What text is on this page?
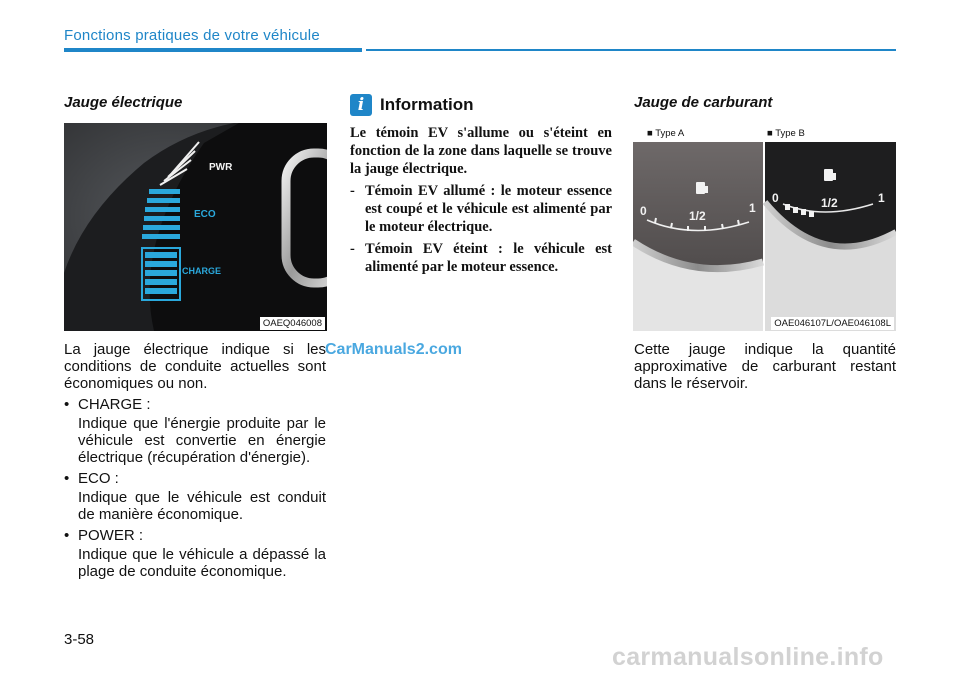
Fonctions pratiques de votre véhicule
Jauge électrique
PWR
ECO
CHARGE
OAEQ046008

La jauge électrique indique si les conditions de conduite actuelles sont économiques ou non.

• CHARGE :
Indique que l'énergie produite par le véhicule est convertie en énergie électrique (récupération d'énergie).
• ECO :
Indique que le véhicule est conduit de manière économique.
• POWER :
Indique que le véhicule a dépassé la plage de conduite économique.
i Information

Le témoin EV s'allume ou s'éteint en fonction de la zone dans laquelle se trouve la jauge électrique.

- Témoin EV allumé : le moteur essence est coupé et le véhicule est alimenté par le moteur électrique.

- Témoin EV éteint : le véhicule est alimenté par le moteur essence.

CarManuals2.com
Jauge de carburant
■ Type A	■ Type B
0	1/2
1
0	1/2	1
OAE046107L/OAE046108L

Cette jauge indique la quantité approximative de carburant restant dans le réservoir.

3-58
carmanualsonline.info
